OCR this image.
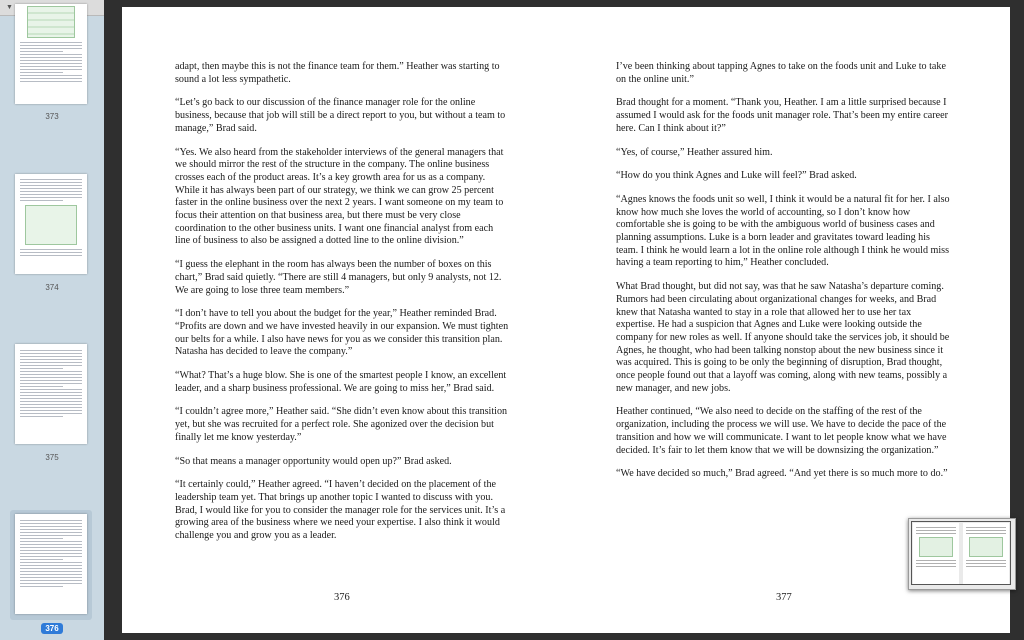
▼
373
374
375
376

adapt, then maybe this is not the finance team for them.” Heather was starting to sound a lot less sympathetic.

“Let’s go back to our discussion of the finance manager role for the online business, because that job will still be a direct report to you, but without a team to manage,” Brad said.

“Yes. We also heard from the stakeholder interviews of the general managers that we should mirror the rest of the structure in the company. The online business crosses each of the product areas. It’s a key growth area for us as a company. While it has always been part of our strategy, we think we can grow 25 percent faster in the online business over the next 2 years. I want someone on my team to focus their attention on that business area, but there must be very close coordination to the other business units. I want one financial analyst from each line of business to also be assigned a dotted line to the online division.”

“I guess the elephant in the room has always been the number of boxes on this chart,” Brad said quietly. “There are still 4 managers, but only 9 analysts, not 12. We are going to lose three team members.”

“I don’t have to tell you about the budget for the year,” Heather reminded Brad. “Profits are down and we have invested heavily in our expansion. We must tighten our belts for a while. I also have news for you as we consider this transition plan. Natasha has decided to leave the company.”

“What? That’s a huge blow. She is one of the smartest people I know, an excellent leader, and a sharp business professional. We are going to miss her,” Brad said.

“I couldn’t agree more,” Heather said. “She didn’t even know about this transition yet, but she was recruited for a perfect role. She agonized over the decision but finally let me know yesterday.”

“So that means a manager opportunity would open up?” Brad asked.

“It certainly could,” Heather agreed. “I haven’t decided on the placement of the leadership team yet. That brings up another topic I wanted to discuss with you. Brad, I would like for you to consider the manager role for the services unit. It’s a growing area of the business where we need your expertise. I also think it would challenge you and grow you as a leader.

376

I’ve been thinking about tapping Agnes to take on the foods unit and Luke to take on the online unit.”

Brad thought for a moment. “Thank you, Heather. I am a little surprised because I assumed I would ask for the foods unit manager role. That’s been my entire career here. Can I think about it?”

“Yes, of course,” Heather assured him.

“How do you think Agnes and Luke will feel?” Brad asked.

“Agnes knows the foods unit so well, I think it would be a natural fit for her. I also know how much she loves the world of accounting, so I don’t know how comfortable she is going to be with the ambiguous world of business cases and planning assumptions. Luke is a born leader and gravitates toward leading his team. I think he would learn a lot in the online role although I think he would miss having a team reporting to him,” Heather concluded.

What Brad thought, but did not say, was that he saw Natasha’s departure coming. Rumors had been circulating about organizational changes for weeks, and Brad knew that Natasha wanted to stay in a role that allowed her to use her tax expertise. He had a suspicion that Agnes and Luke were looking outside the company for new roles as well. If anyone should take the services job, it should be Agnes, he thought, who had been talking nonstop about the new business since it was acquired. This is going to be only the beginning of disruption, Brad thought, once people found out that a layoff was coming, along with new teams, possibly a new manager, and new jobs.

Heather continued, “We also need to decide on the staffing of the rest of the organization, including the process we will use. We have to decide the pace of the transition and how we will communicate. I want to let people know what we have decided. It’s fair to let them know that we will be downsizing the organization.”

“We have decided so much,” Brad agreed. “And yet there is so much more to do.”

377
